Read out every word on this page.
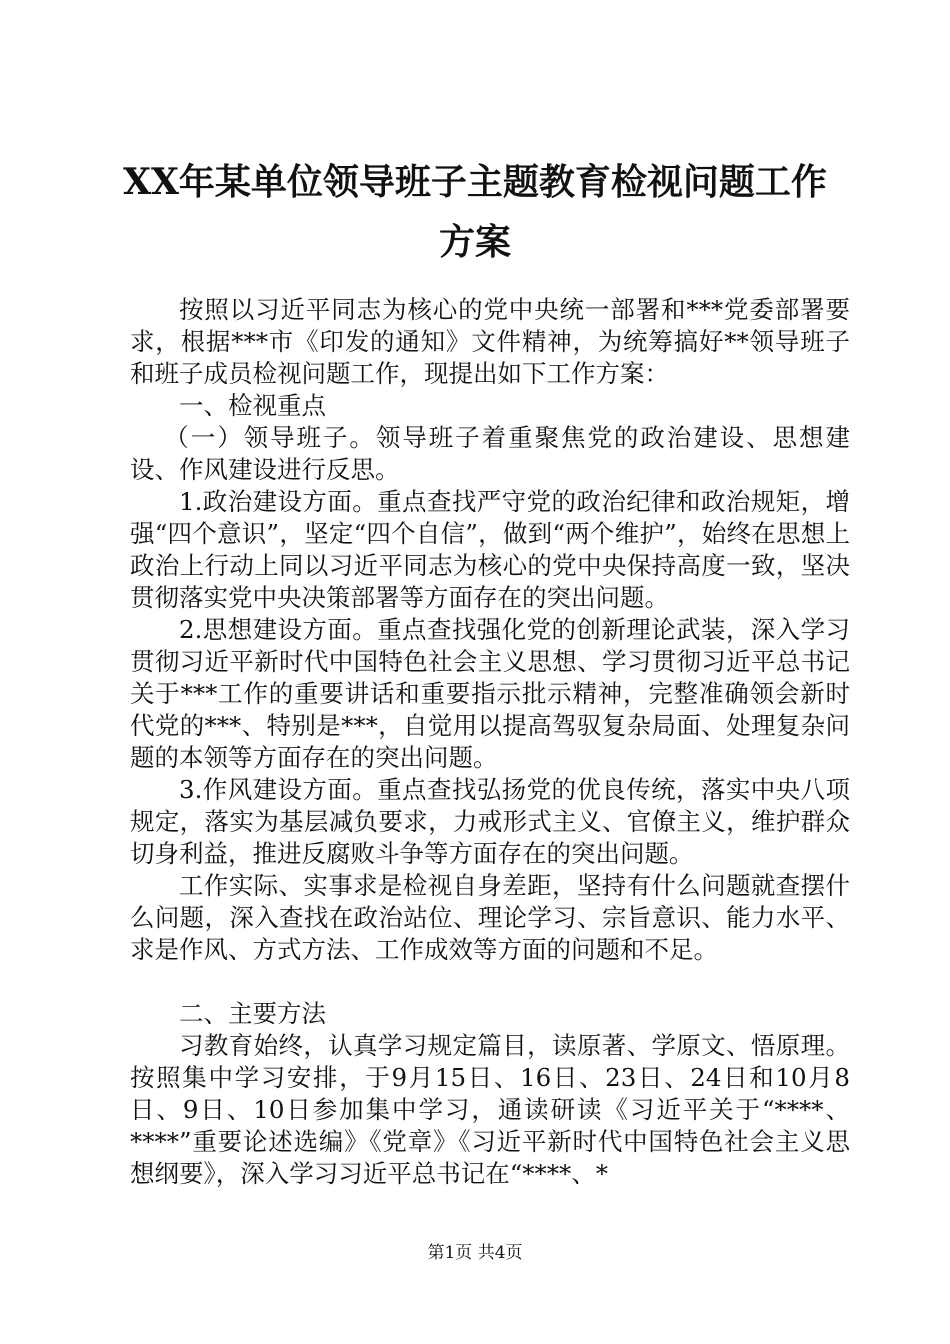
XX年某单位领导班子主题教育检视问题工作
方案

按照以习近平同志为核心的党中央统一部署和***党委部署要求，根据***市《印发的通知》文件精神，为统筹搞好**领导班子和班子成员检视问题工作，现提出如下工作方案：

一、检视重点

（一）领导班子。领导班子着重聚焦党的政治建设、思想建设、作风建设进行反思。

1.政治建设方面。重点查找严守党的政治纪律和政治规矩，增强“四个意识”，坚定“四个自信”，做到“两个维护”，始终在思想上政治上行动上同以习近平同志为核心的党中央保持高度一致，坚决贯彻落实党中央决策部署等方面存在的突出问题。

2.思想建设方面。重点查找强化党的创新理论武装，深入学习贯彻习近平新时代中国特色社会主义思想、学习贯彻习近平总书记关于***工作的重要讲话和重要指示批示精神，完整准确领会新时代党的***、特别是***，自觉用以提高驾驭复杂局面、处理复杂问题的本领等方面存在的突出问题。

3.作风建设方面。重点查找弘扬党的优良传统，落实中央八项规定，落实为基层减负要求，力戒形式主义、官僚主义，维护群众切身利益，推进反腐败斗争等方面存在的突出问题。

工作实际、实事求是检视自身差距，坚持有什么问题就查摆什么问题，深入查找在政治站位、理论学习、宗旨意识、能力水平、求是作风、方式方法、工作成效等方面的问题和不足。

二、主要方法

习教育始终，认真学习规定篇目，读原著、学原文、悟原理。按照集中学习安排，于9月15日、16日、23日、24日和10月8日、9日、10日参加集中学习，通读研读《习近平关于“****、****”重要论述选编》《党章》《习近平新时代中国特色社会主义思想纲要》，深入学习习近平总书记在“****、*

第1页 共4页
